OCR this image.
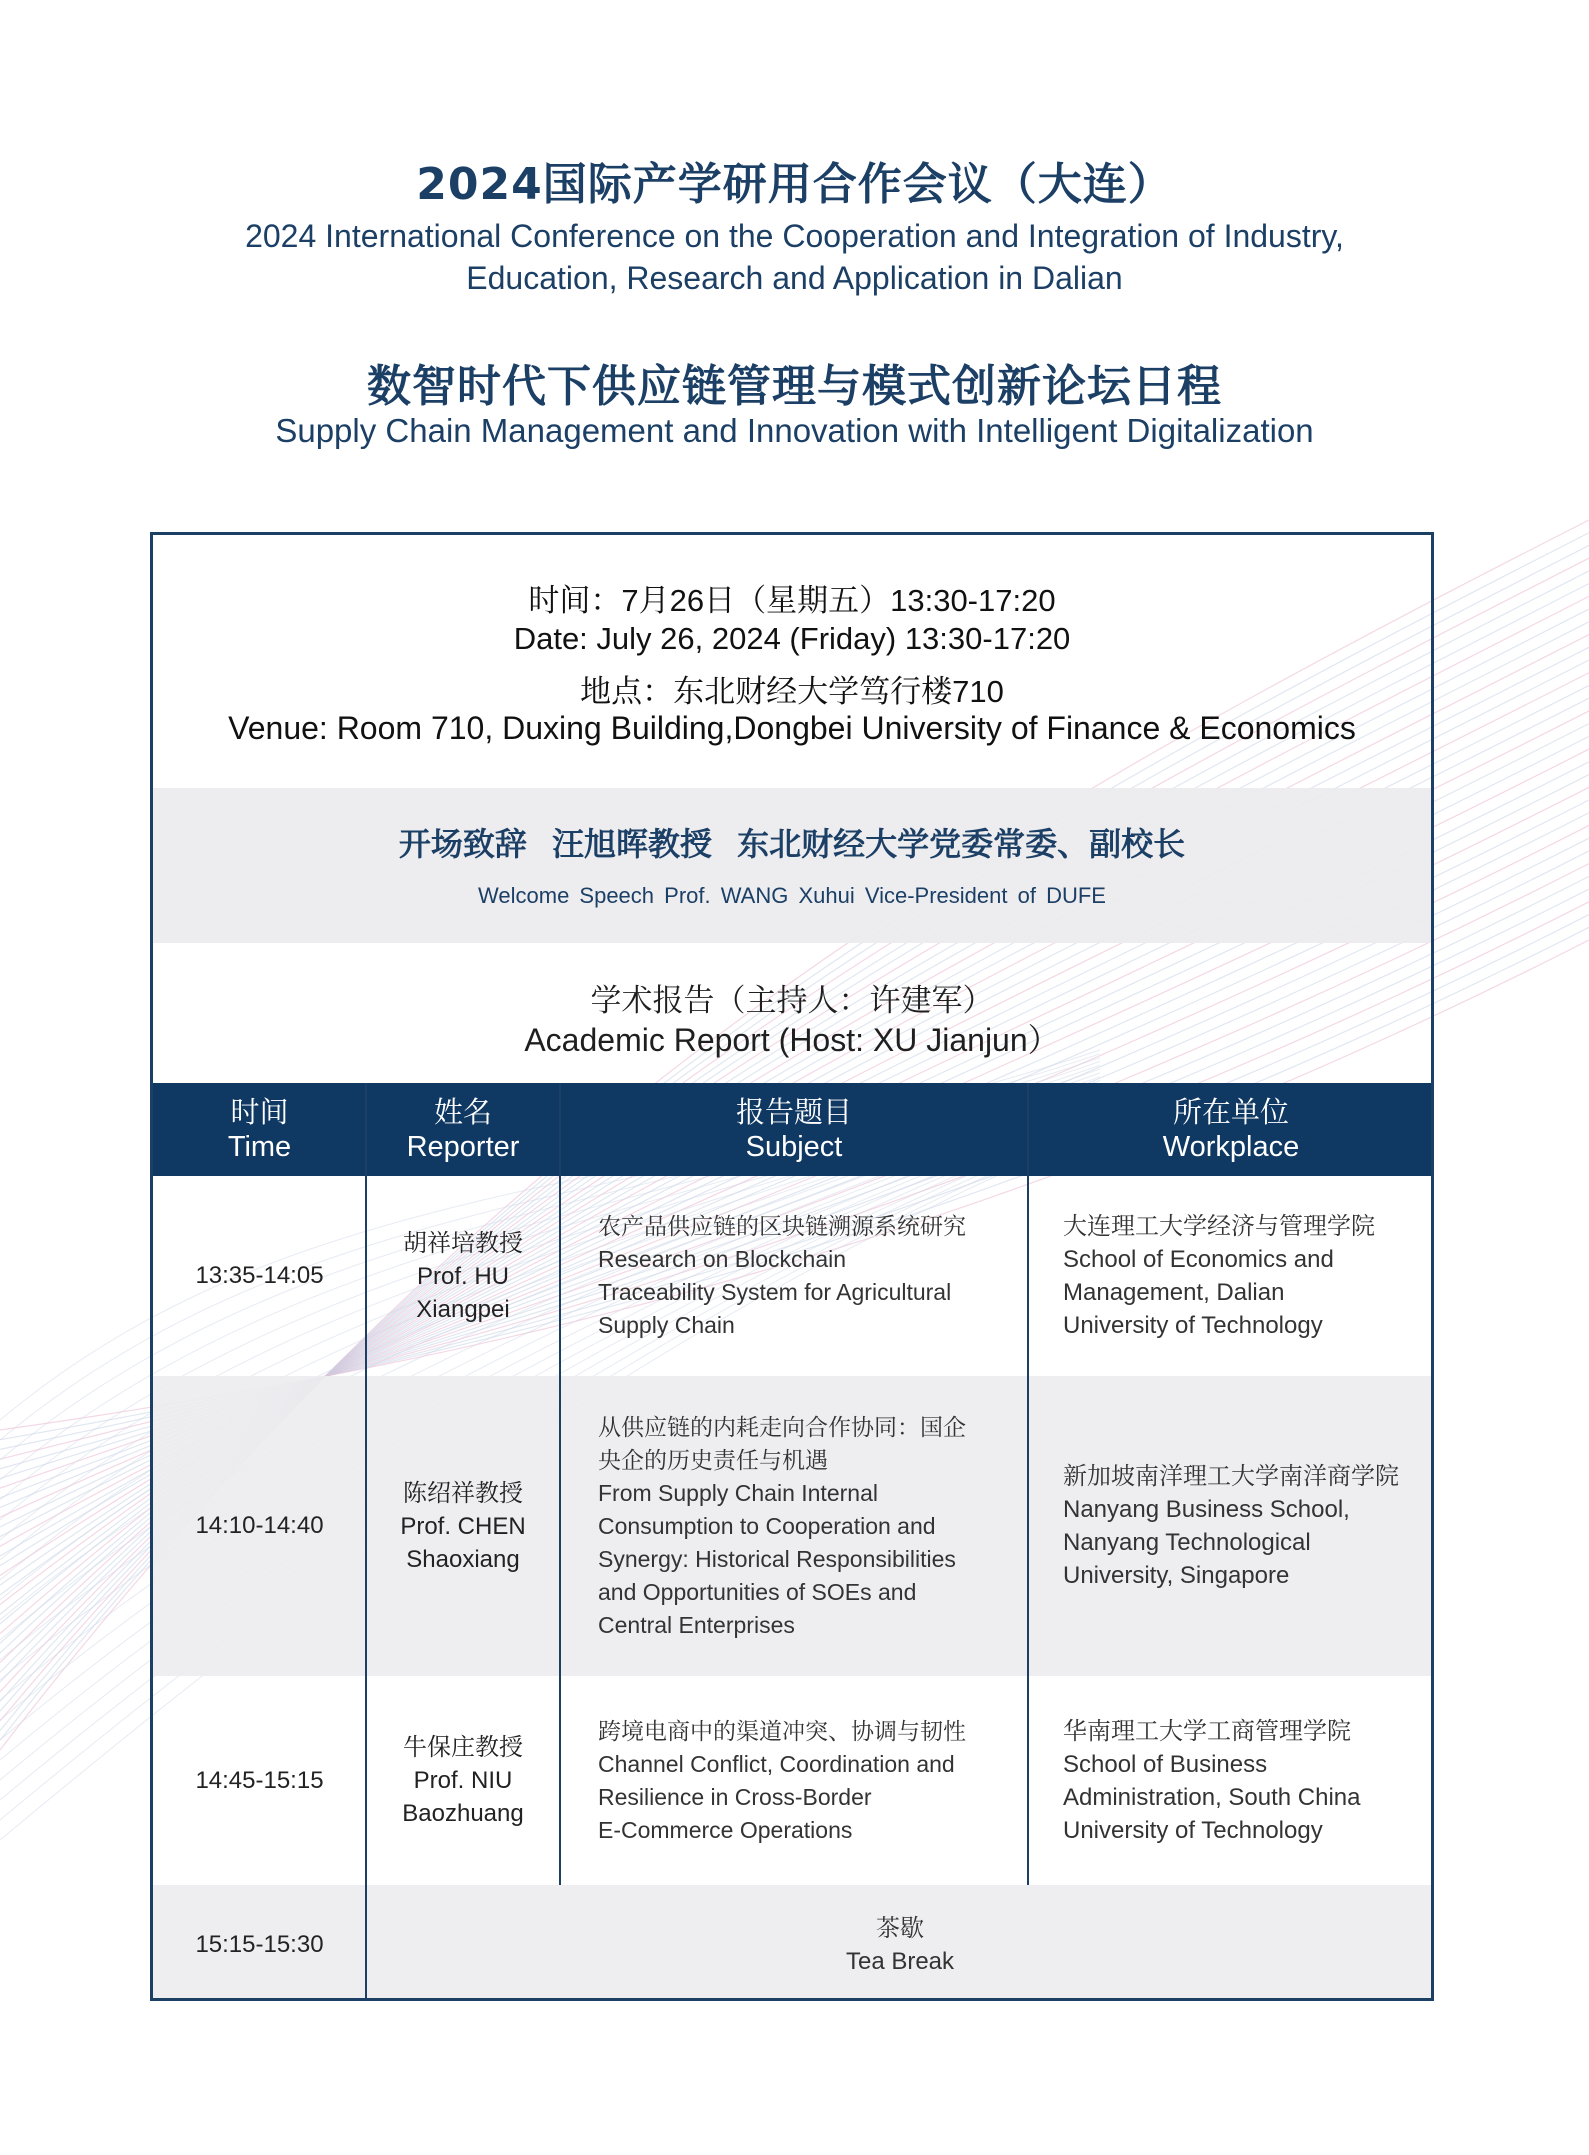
2024国际产学研用合作会议（大连）
2024 International Conference on the Cooperation and Integration of Industry,
Education, Research and Application in Dalian
数智时代下供应链管理与模式创新论坛日程
Supply Chain Management and Innovation with Intelligent Digitalization
时间：7月26日（星期五）13:30-17:20
Date: July 26, 2024 (Friday) 13:30-17:20
地点：东北财经大学笃行楼710
Venue: Room 710, Duxing Building,Dongbei University of Finance & Economics
开场致辞 汪旭晖教授 东北财经大学党委常委、副校长
Welcome Speech Prof. WANG Xuhui Vice-President of DUFE
学术报告（主持人：许建军）
Academic Report (Host: XU Jianjun）
时间
Time
姓名
Reporter
报告题目
Subject
所在单位
Workplace
13:35-14:05
胡祥培教授
Prof. HU
Xiangpei
农产品供应链的区块链溯源系统研究
Research on Blockchain
Traceability System for Agricultural
Supply Chain
大连理工大学经济与管理学院
School of Economics and
Management, Dalian
University of Technology
14:10-14:40
陈绍祥教授
Prof. CHEN
Shaoxiang
从供应链的内耗走向合作协同：国企
央企的历史责任与机遇
From Supply Chain Internal
Consumption to Cooperation and
Synergy: Historical Responsibilities
and Opportunities of SOEs and
Central Enterprises
新加坡南洋理工大学南洋商学院
Nanyang Business School,
Nanyang Technological
University, Singapore
14:45-15:15
牛保庄教授
Prof. NIU
Baozhuang
跨境电商中的渠道冲突、协调与韧性
Channel Conflict, Coordination and
Resilience in Cross-Border
E-Commerce Operations
华南理工大学工商管理学院
School of Business
Administration, South China
University of Technology
15:15-15:30
茶歇
Tea Break
